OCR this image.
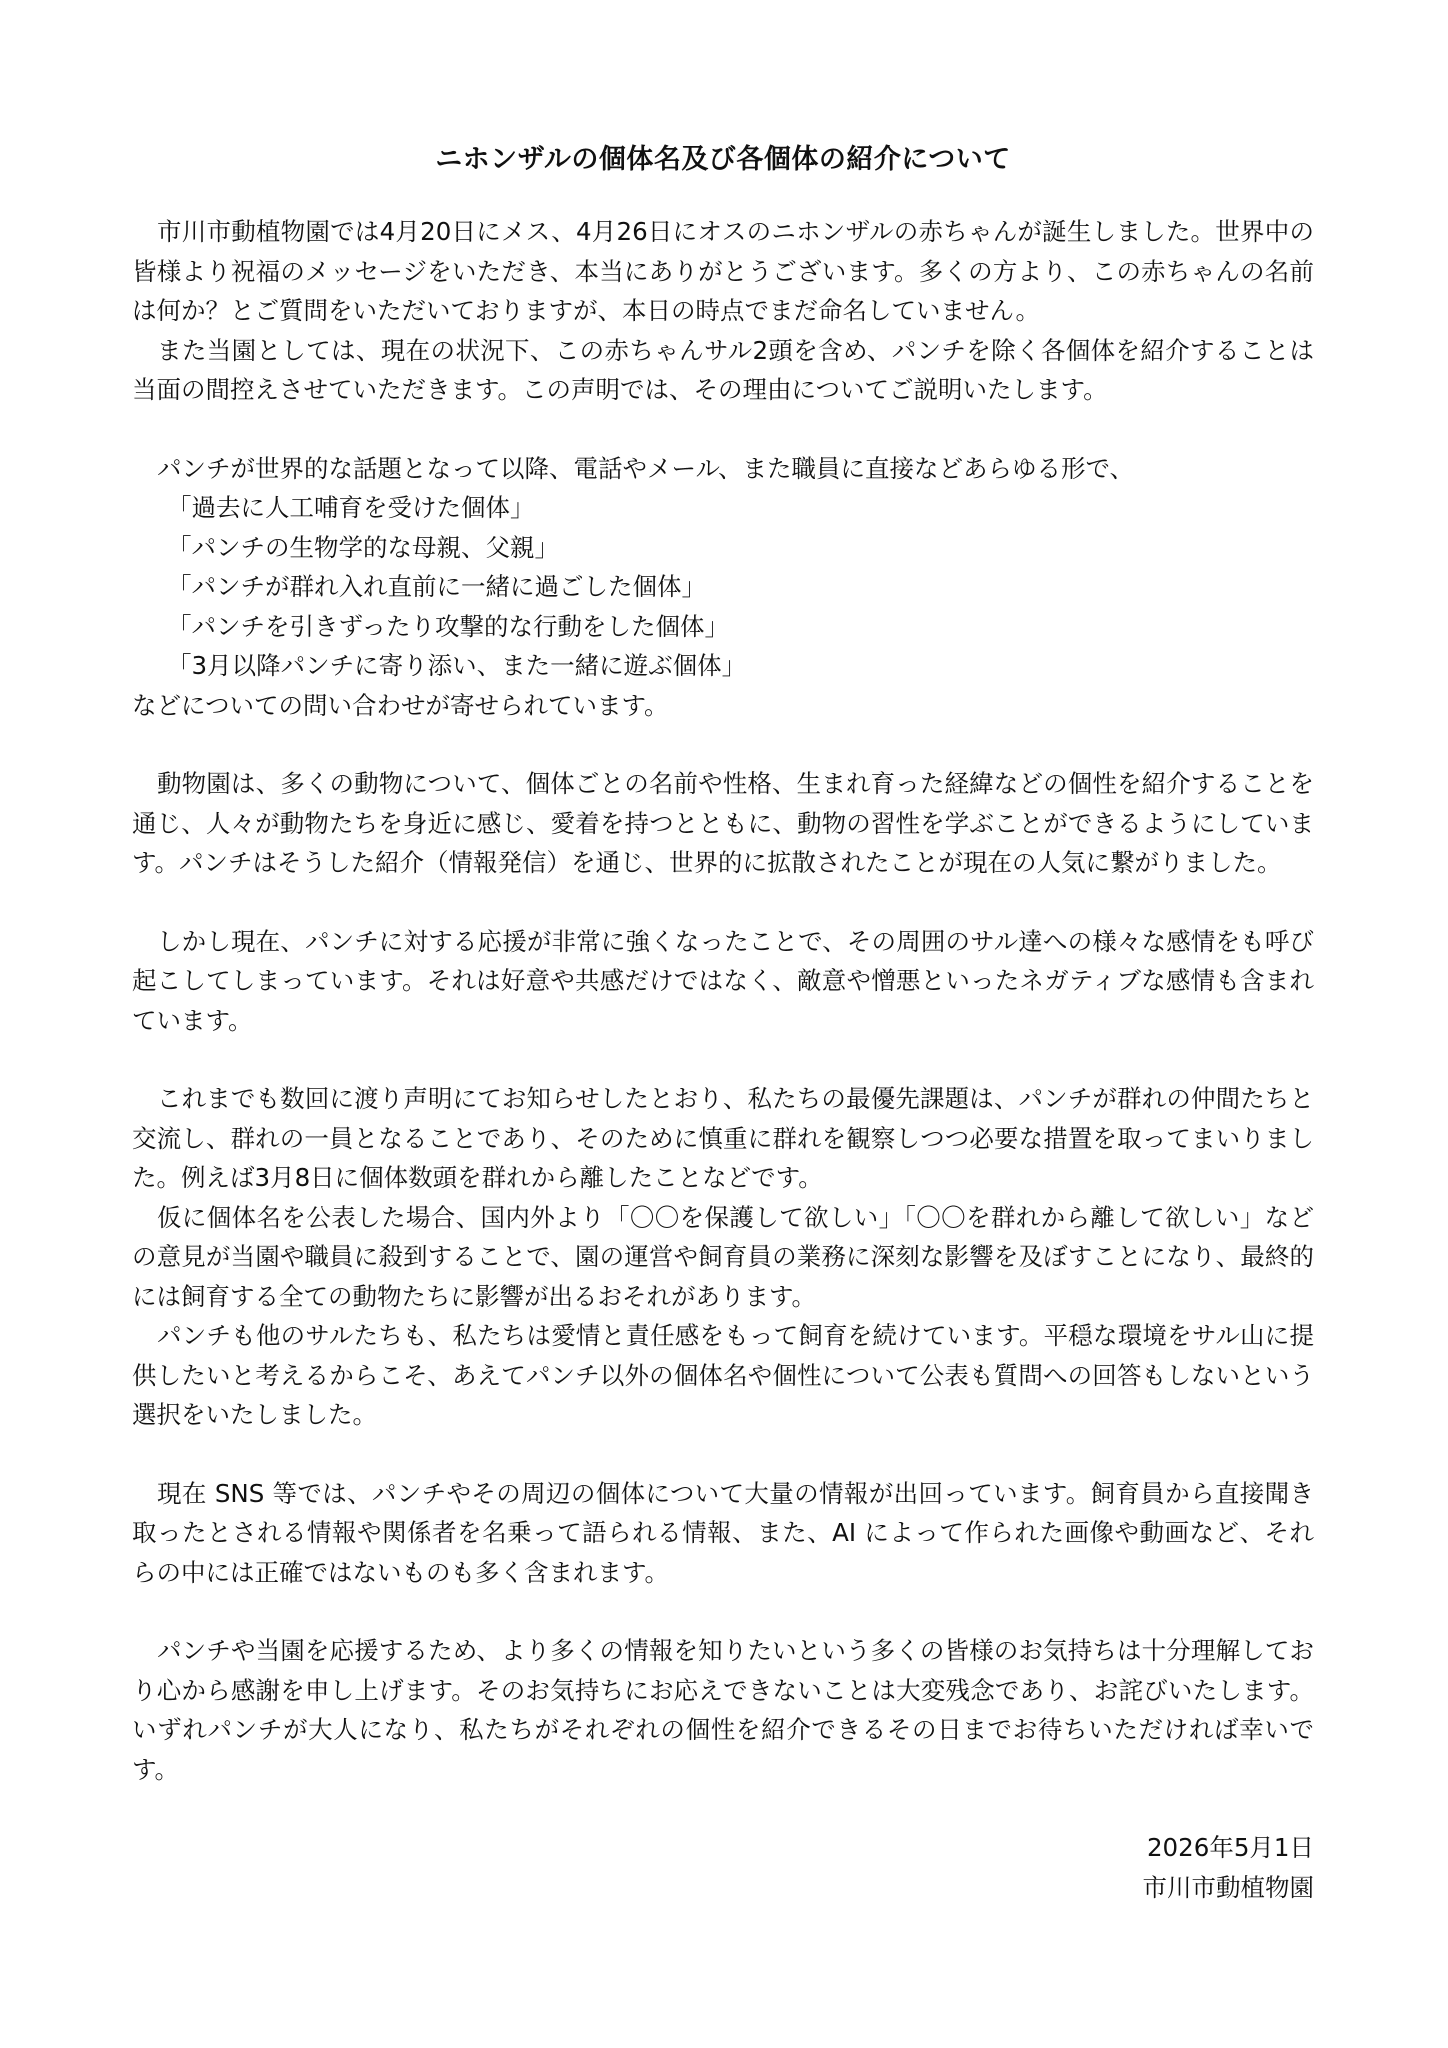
ニホンザルの個体名及び各個体の紹介について

市川市動植物園では4月20日にメス、4月26日にオスのニホンザルの赤ちゃんが誕生しました。世界中の皆様より祝福のメッセージをいただき、本当にありがとうございます。多くの方より、この赤ちゃんの名前は何か？とご質問をいただいておりますが、本日の時点でまだ命名していません。

また当園としては、現在の状況下、この赤ちゃんサル2頭を含め、パンチを除く各個体を紹介することは当面の間控えさせていただきます。この声明では、その理由についてご説明いたします。

パンチが世界的な話題となって以降、電話やメール、また職員に直接などあらゆる形で、

「過去に人工哺育を受けた個体」
「パンチの生物学的な母親、父親」
「パンチが群れ入れ直前に一緒に過ごした個体」
「パンチを引きずったり攻撃的な行動をした個体」
「3月以降パンチに寄り添い、また一緒に遊ぶ個体」

などについての問い合わせが寄せられています。

動物園は、多くの動物について、個体ごとの名前や性格、生まれ育った経緯などの個性を紹介することを通じ、人々が動物たちを身近に感じ、愛着を持つとともに、動物の習性を学ぶことができるようにしています。パンチはそうした紹介（情報発信）を通じ、世界的に拡散されたことが現在の人気に繋がりました。

しかし現在、パンチに対する応援が非常に強くなったことで、その周囲のサル達への様々な感情をも呼び起こしてしまっています。それは好意や共感だけではなく、敵意や憎悪といったネガティブな感情も含まれています。

これまでも数回に渡り声明にてお知らせしたとおり、私たちの最優先課題は、パンチが群れの仲間たちと交流し、群れの一員となることであり、そのために慎重に群れを観察しつつ必要な措置を取ってまいりました。例えば3月8日に個体数頭を群れから離したことなどです。

仮に個体名を公表した場合、国内外より「〇〇を保護して欲しい」「〇〇を群れから離して欲しい」などの意見が当園や職員に殺到することで、園の運営や飼育員の業務に深刻な影響を及ぼすことになり、最終的には飼育する全ての動物たちに影響が出るおそれがあります。

パンチも他のサルたちも、私たちは愛情と責任感をもって飼育を続けています。平穏な環境をサル山に提供したいと考えるからこそ、あえてパンチ以外の個体名や個性について公表も質問への回答もしないという選択をいたしました。

現在 SNS 等では、パンチやその周辺の個体について大量の情報が出回っています。飼育員から直接聞き取ったとされる情報や関係者を名乗って語られる情報、また、AI によって作られた画像や動画など、それらの中には正確ではないものも多く含まれます。

パンチや当園を応援するため、より多くの情報を知りたいという多くの皆様のお気持ちは十分理解しており心から感謝を申し上げます。そのお気持ちにお応えできないことは大変残念であり、お詫びいたします。いずれパンチが大人になり、私たちがそれぞれの個性を紹介できるその日までお待ちいただければ幸いです。

2026年5月1日
市川市動植物園
